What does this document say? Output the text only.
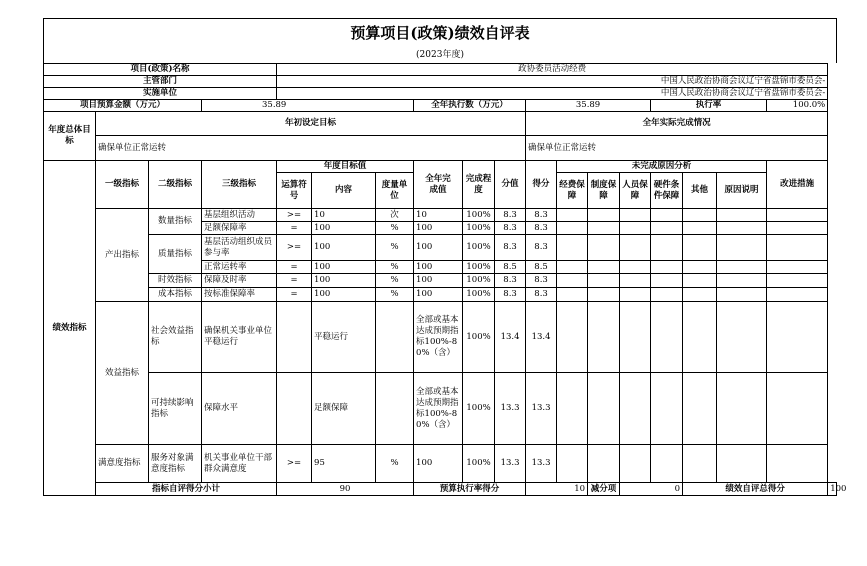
预算项目(政策)绩效自评表
(2023年度)
项目(政策)名称				政协委员活动经费														
主管部门				中国人民政治协商会议辽宁省盘锦市委员会-														
实施单位				中国人民政治协商会议辽宁省盘锦市委员会-														
项目预算金额（万元）			35.89				全年执行数（万元）			35.89				执行率			100.0%	
年度总体目标	年初设定目标									全年实际完成情况								
	确保单位正常运转									确保单位正常运转								
绩效指标	一级指标	二级指标	三级指标	年度目标值			全年完成值	完成程度	分值	得分	未完成原因分析						改进措施	
				运算符号	内容	度量单位					经费保障	制度保障	人员保障	硬件条件保障	其他	原因说明		

	产出指标	数量指标	基层组织活动	>=	10	次	10	100%	8.3	8.3								
			足额保障率	=	100	%	100	100%	8.3	8.3								
		质量指标	基层活动组织成员参与率	>=	100	%	100	100%	8.3	8.3								
			正常运转率	=	100	%	100	100%	8.5	8.5								
		时效指标	保障及时率	=	100	%	100	100%	8.3	8.3								
		成本指标	按标准保障率	=	100	%	100	100%	8.3	8.3								
	效益指标	社会效益指标	确保机关事业单位平稳运行		平稳运行		全部或基本达成预期指标100%-80%（含）	100%	13.4	13.4								
		可持续影响指标	保障水平		足额保障		全部或基本达成预期指标100%-80%（含）	100%	13.3	13.3								
	满意度指标	服务对象满意度指标	机关事业单位干部群众满意度	>=	95	%	100	100%	13.3	13.3								
	指标自评得分小计			90			预算执行率得分			10		减分项	0		绩效自评总得分			100
